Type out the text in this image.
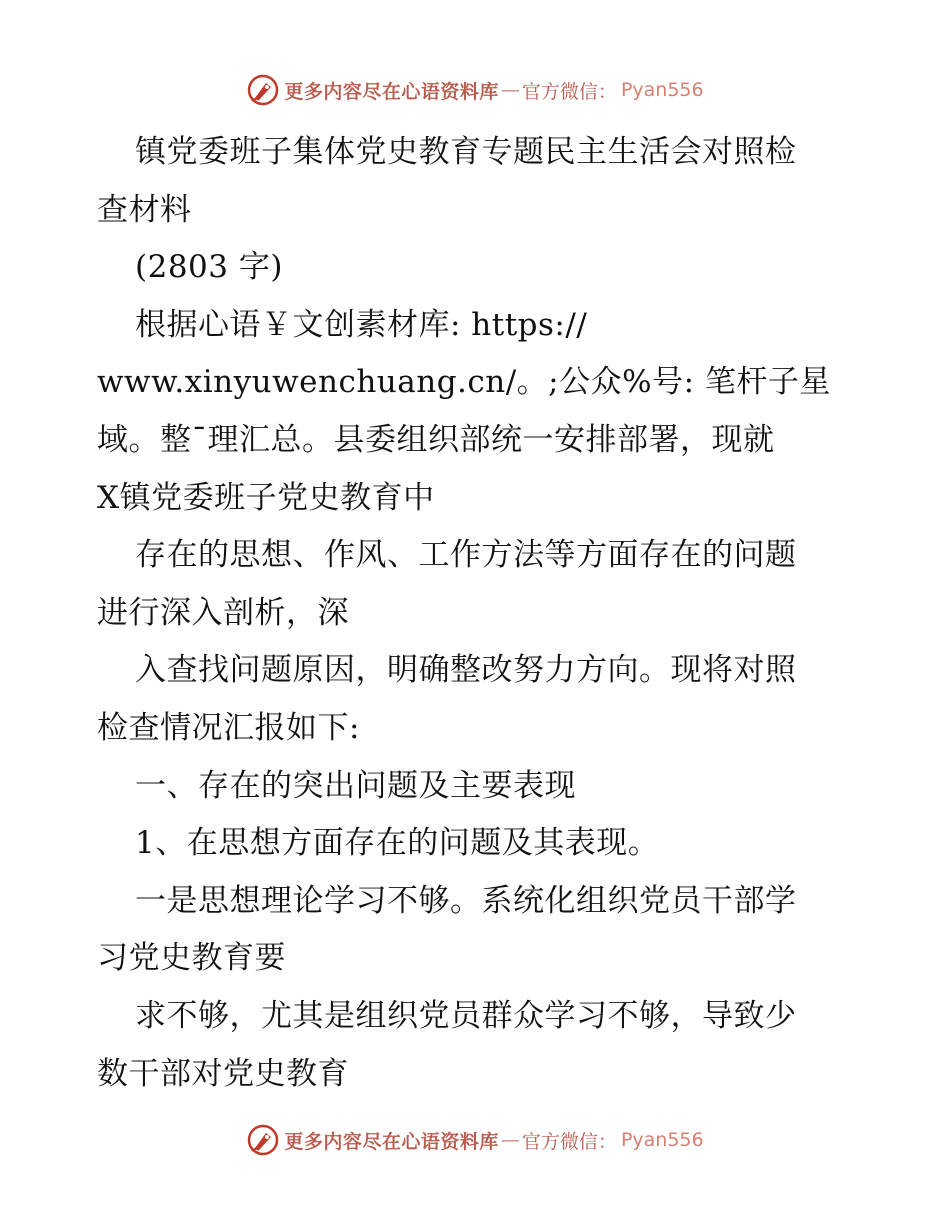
更多内容尽在心语资料库 — 官方微信： Pyan556
镇党委班子集体党史教育专题民主生活会对照检
查材料
(2803 字)
根据心语￥文创素材库: https://
www.xinyuwenchuang.cn/。;公众%号: 笔杆子星
域。整¯理汇总。县委组织部统一安排部署，现就
X镇党委班子党史教育中
存在的思想、作风、工作方法等方面存在的问题
进行深入剖析，深
入查找问题原因，明确整改努力方向。现将对照
检查情况汇报如下:
一、存在的突出问题及主要表现
1、在思想方面存在的问题及其表现。
一是思想理论学习不够。系统化组织党员干部学
习党史教育要
求不够，尤其是组织党员群众学习不够，导致少
数干部对党史教育
更多内容尽在心语资料库 — 官方微信： Pyan556
